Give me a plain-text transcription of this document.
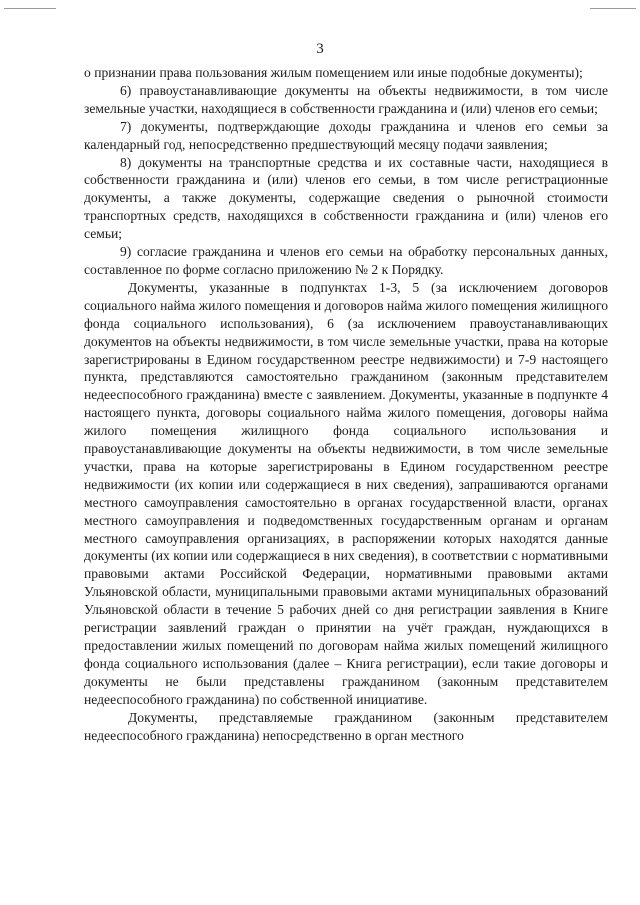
3

о признании права пользования жилым помещением или иные подобные документы);

6) правоустанавливающие документы на объекты недвижимости, в том числе земельные участки, находящиеся в собственности гражданина и (или) членов его семьи;

7) документы, подтверждающие доходы гражданина и членов его семьи за календарный год, непосредственно предшествующий месяцу подачи заявления;

8) документы на транспортные средства и их составные части, находящиеся в собственности гражданина и (или) членов его семьи, в том числе регистрационные документы, а также документы, содержащие сведения о рыночной стоимости транспортных средств, находящихся в собственности гражданина и (или) членов его семьи;

9) согласие гражданина и членов его семьи на обработку персональных данных, составленное по форме согласно приложению № 2 к Порядку.

Документы, указанные в подпунктах 1-3, 5 (за исключением договоров социального найма жилого помещения и договоров найма жилого помещения жилищного фонда социального использования), 6 (за исключением правоустанавливающих документов на объекты недвижимости, в том числе земельные участки, права на которые зарегистрированы в Едином государственном реестре недвижимости) и 7-9 настоящего пункта, представляются самостоятельно гражданином (законным представителем недееспособного гражданина) вместе с заявлением. Документы, указанные в подпункте 4 настоящего пункта, договоры социального найма жилого помещения, договоры найма жилого помещения жилищного фонда социального использования и правоустанавливающие документы на объекты недвижимости, в том числе земельные участки, права на которые зарегистрированы в Едином государственном реестре недвижимости (их копии или содержащиеся в них сведения), запрашиваются органами местного самоуправления самостоятельно в органах государственной власти, органах местного самоуправления и подведомственных государственным органам и органам местного самоуправления организациях, в распоряжении которых находятся данные документы (их копии или содержащиеся в них сведения), в соответствии с нормативными правовыми актами Российской Федерации, нормативными правовыми актами Ульяновской области, муниципальными правовыми актами муниципальных образований Ульяновской области в течение 5 рабочих дней со дня регистрации заявления в Книге регистрации заявлений граждан о принятии на учёт граждан, нуждающихся в предоставлении жилых помещений по договорам найма жилых помещений жилищного фонда социального использования (далее – Книга регистрации), если такие договоры и документы не были представлены гражданином (законным представителем недееспособного гражданина) по собственной инициативе.

Документы, представляемые гражданином (законным представителем недееспособного гражданина) непосредственно в орган местного
